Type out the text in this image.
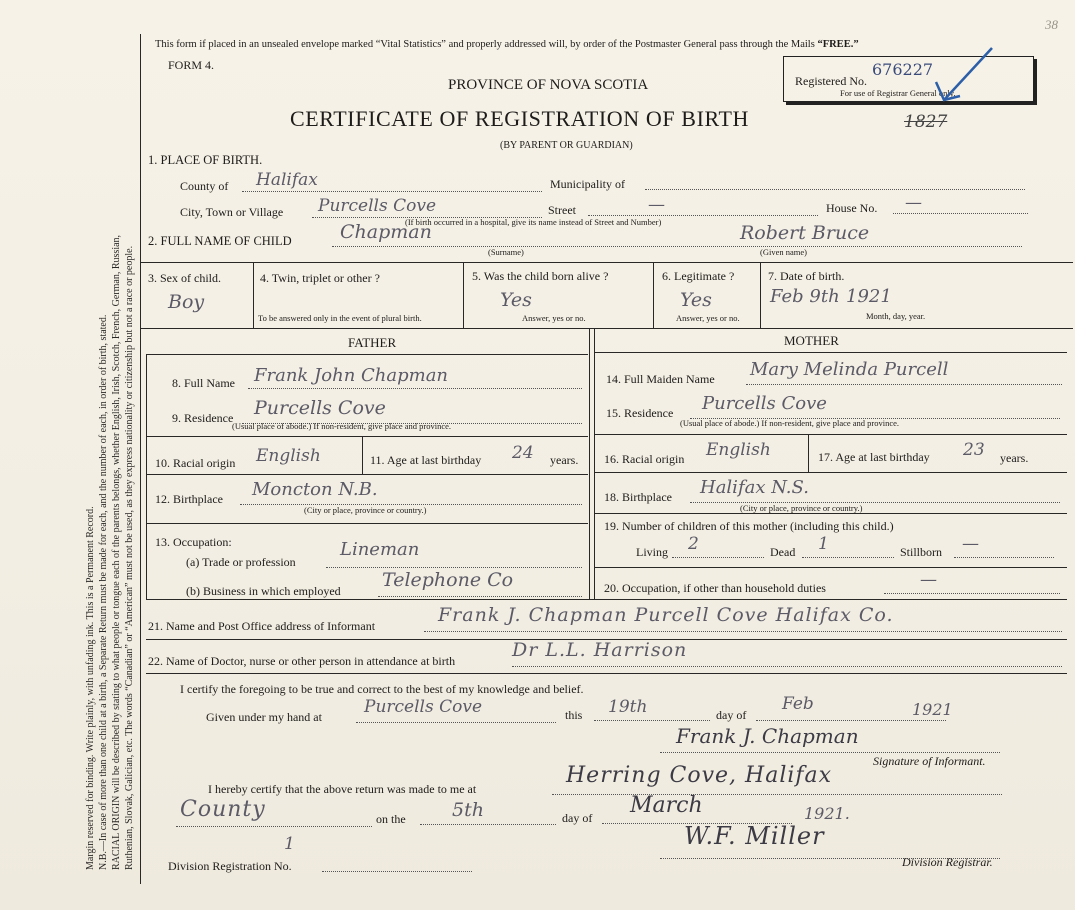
Margin reserved for binding. Write plainly, with unfading ink. This is a Permanent Record. N.B.—In case of more than one child at a birth, a Separate Return must be made for each, and the number of each, in order of birth, stated. RACIAL ORIGIN will be described by stating to what people or tongue each of the parents belongs, whether English, Irish, Scotch, French, German, Russian, Ruthenian, Slovak, Galician, etc. The words “Canadian” or “American” must not be used, as they express nationality or citizenship but not a race or people.
This form if placed in an unsealed envelope marked “Vital Statistics” and properly addressed will, by order of the Postmaster General pass through the Mails “FREE.”
38
FORM 4.
PROVINCE OF NOVA SCOTIA
CERTIFICATE OF REGISTRATION OF BIRTH
(BY PARENT OR GUARDIAN)
Registered No.
676227
For use of Registrar General only.
1827
1. PLACE OF BIRTH.
County of Halifax	Municipality of
City, Town or Village Purcells Cove	Street	—	House No. —
(If birth occurred in a hospital, give its name instead of Street and Number)
2. FULL NAME OF CHILD	Chapman
(Surname)
Robert Bruce
(Given name)
3. Sex of child.
Boy
4. Twin, triplet or other ?
To be answered only in the event of plural birth.
5. Was the child born alive ?
Yes
Answer, yes or no.
6. Legitimate ?
Yes
Answer, yes or no.
7. Date of birth.
Feb 9th 1921
Month, day, year.
FATHER	MOTHER
8. Full Name Frank John Chapman
9. Residence Purcells Cove
(Usual place of abode.) If non-resident, give place and province.
10. Racial origin English	11. Age at last birthday 24 years.
12. Birthplace Moncton N.B.
(City or place, province or country.)
13. Occupation:
(a) Trade or profession
Lineman
(b) Business in which employed Telephone Co
14. Full Maiden Name Mary Melinda Purcell
15. Residence Purcells Cove
(Usual place of abode.) If non-resident, give place and province.
16. Racial origin English	17. Age at last birthday 23 years.
18. Birthplace Halifax N.S.
(City or place, province or country.)
19. Number of children of this mother (including this child.)
Living 2	Dead 1	Stillborn —
20. Occupation, if other than household duties	—
21. Name and Post Office address of Informant	Frank J. Chapman Purcell Cove Halifax Co.
22. Name of Doctor, nurse or other person in attendance at birth	Dr L.L. Harrison
I certify the foregoing to be true and correct to the best of my knowledge and belief.
Given under my hand at Purcells Cove	this 19th	day of
Feb	1921
Frank J. Chapman
Signature of Informant.
I hereby certify that the above return was made to me at
Herring Cove, Halifax
County	on the 5th	day of March	1921.
1
Division Registration No.
W.F. Miller
Division Registrar.
